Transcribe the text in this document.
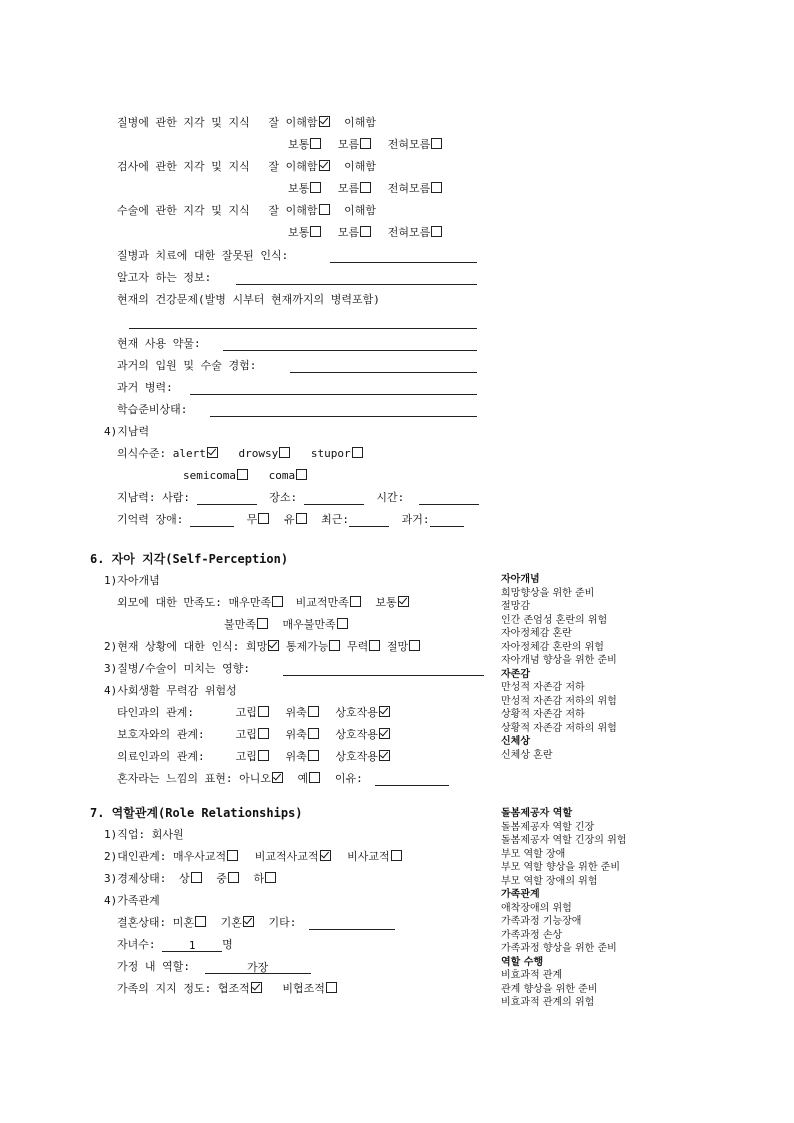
질병에 관한 지각 및 지식 잘 이해함 이해함
보통	모름	전혀모름
검사에 관한 지각 및 지식 잘 이해함 이해함
보통	모름	전혀모름
수술에 관한 지각 및 지식 잘 이해함 이해함
보통	모름	전혀모름
질병과 치료에 대한 잘못된 인식:
알고자 하는 정보:
현재의 건강문제(발병 시부터 현재까지의 병력포함)
현재 사용 약물:
과거의 입원 및 수술 경험:
과거 병력:
학습준비상태:
4)지남력
의식수준: alert	drowsy	stupor
semicoma	coma
지남력: 사람:	장소:	시간:
기억력 장애:	무 유 최근:	과거:
6. 자아 지각(Self-Perception)
1)자아개념
외모에 대한 만족도: 매우만족 비교적만족 보통
불만족 매우불만족
2)현재 상황에 대한 인식: 희망 통제가능 무력 절망
3)질병/수술이 미치는 영향:
4)사회생활 무력감 위험성
타인과의 관계:	고립	위축	상호작용
보호자와의 관계:	고립	위축	상호작용
의료인과의 관계:	고립	위축	상호작용
혼자라는 느낌의 표현: 아니오 예 이유:
7. 역할관계(Role Relationships)
1)직업: 회사원
2)대인관계: 매우사교적	비교적사교적	비사교적
3)경제상태: 상 중 하
4)가족관계
결혼상태: 미혼 기혼 기타:
자녀수:	1 명
가정 내 역할:	가장
가족의 지지 정도: 협조적	비협조적
자아개념
희망향상을 위한 준비
절망감
인간 존엄성 혼란의 위험
자아정체감 혼란
자아정체감 혼란의 위험
자아개념 향상을 위한 준비
자존감
만성적 자존감 저하
만성적 자존감 저하의 위험
상황적 자존감 저하
상황적 자존감 저하의 위험
신체상
신체상 혼란
돌봄제공자 역할
돌봄제공자 역할 긴장
돌봄제공자 역할 긴장의 위험
부모 역할 장애
부모 역할 향상을 위한 준비
부모 역할 장애의 위험
가족관계
애착장애의 위험
가족과정 기능장애
가족과정 손상
가족과정 향상을 위한 준비
역할 수행
비효과적 관계
관계 향상을 위한 준비
비효과적 관계의 위험
